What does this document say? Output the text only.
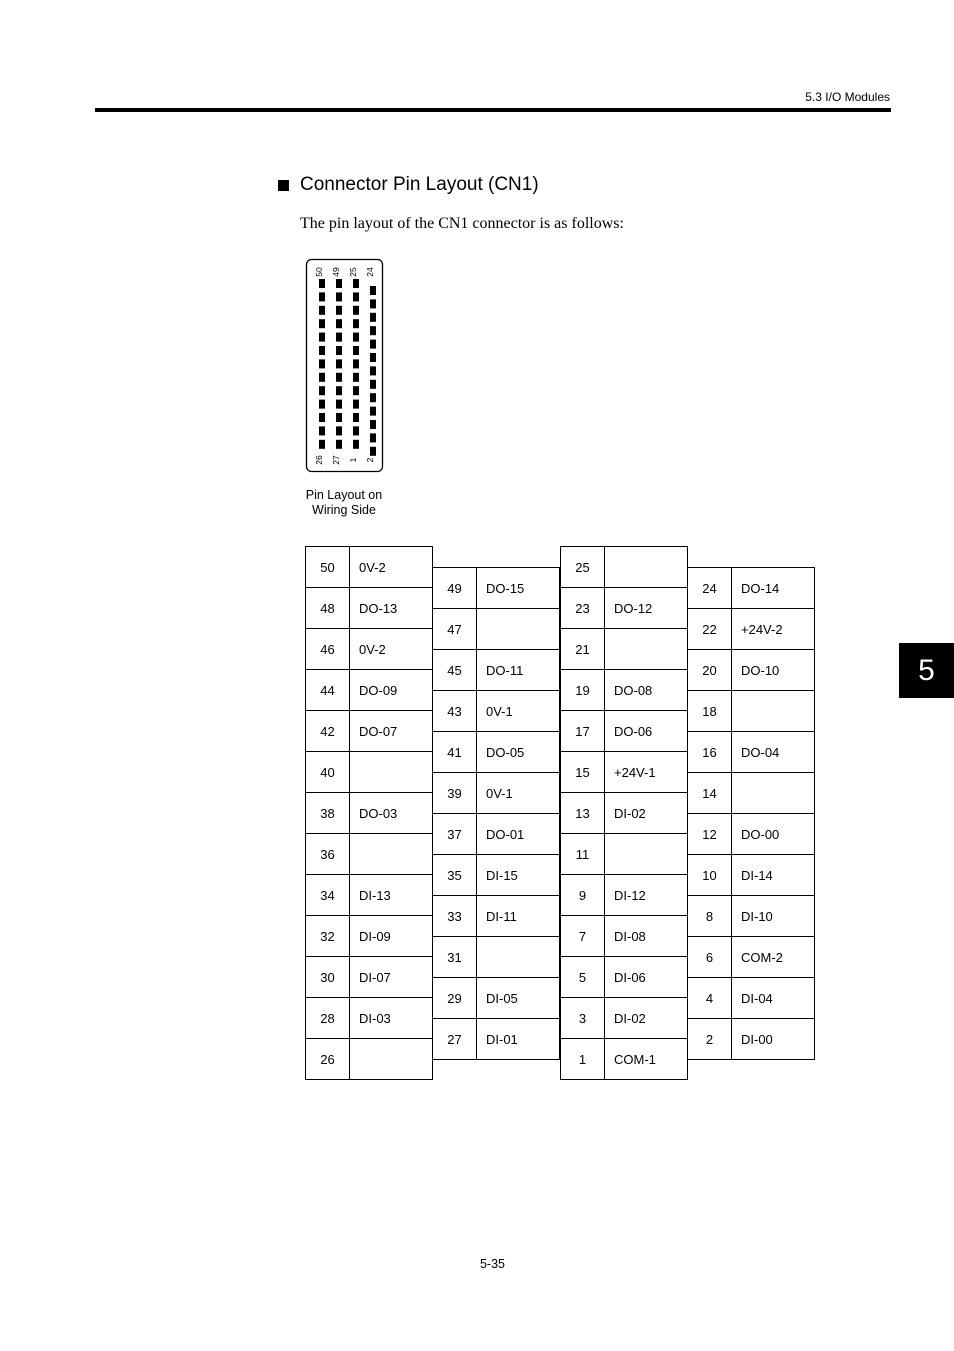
5.3 I/O Modules
5
Connector Pin Layout (CN1)
The pin layout of the CN1 connector is as follows:
50 49 25 24
26 27 1 2
Pin Layout on
Wiring Side
50	0V-2
48	DO-13
46	0V-2
44	DO-09
42	DO-07
40
38	DO-03
36
34	DI-13
32	DI-09
30	DI-07
28	DI-03
26
49	DO-15
47
45	DO-11
43	0V-1
41	DO-05
39	0V-1
37	DO-01
35	DI-15
33	DI-11
31
29	DI-05
27	DI-01
25
23	DO-12
21
19	DO-08
17	DO-06
15	+24V-1
13	DI-02
11
9	DI-12
7	DI-08
5	DI-06
3	DI-02
1	COM-1
24	DO-14
22	+24V-2
20	DO-10
18
16	DO-04
14
12	DO-00
10	DI-14
8	DI-10
6	COM-2
4	DI-04
2	DI-00
5-35
